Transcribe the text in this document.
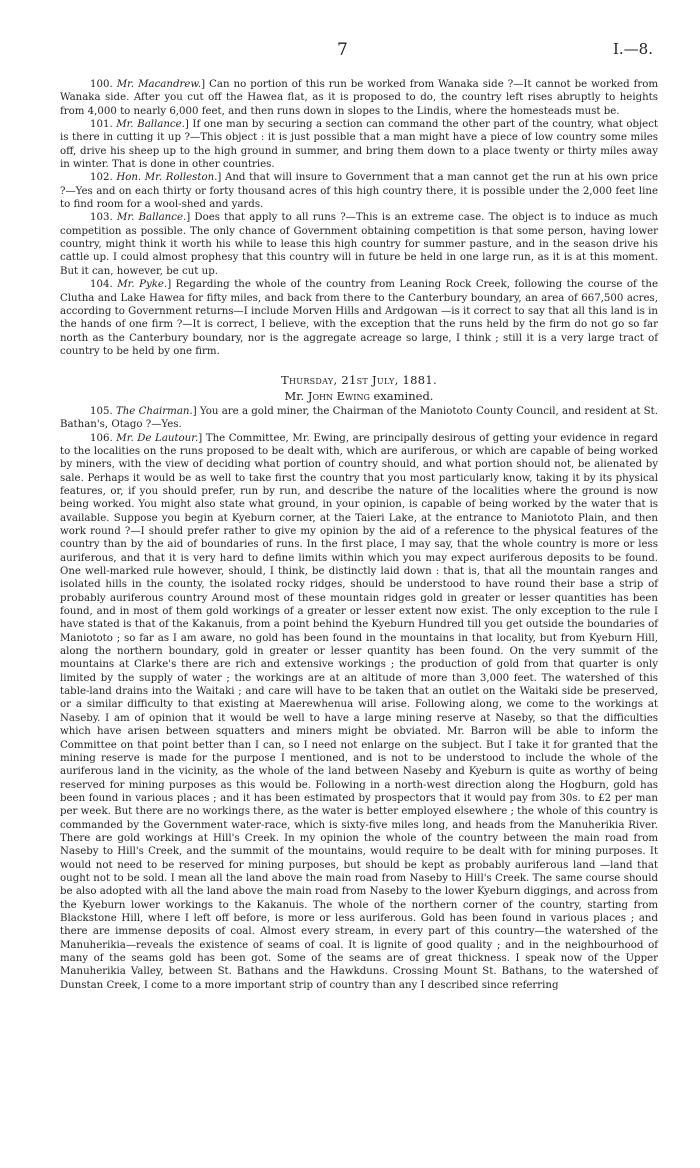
7	I.—8.

100. Mr. Macandrew.] Can no portion of this run be worked from Wanaka side ?—It cannot be worked from Wanaka side. After you cut off the Hawea flat, as it is proposed to do, the country left rises abruptly to heights from 4,000 to nearly 6,000 feet, and then runs down in slopes to the Lindis, where the homesteads must be.

101. Mr. Ballance.] If one man by securing a section can command the other part of the country, what object is there in cutting it up ?—This object : it is just possible that a man might have a piece of low country some miles off, drive his sheep up to the high ground in summer, and bring them down to a place twenty or thirty miles away in winter. That is done in other countries.

102. Hon. Mr. Rolleston.] And that will insure to Government that a man cannot get the run at his own price ?—Yes and on each thirty or forty thousand acres of this high country there, it is possible under the 2,000 feet line to find room for a wool-shed and yards.

103. Mr. Ballance.] Does that apply to all runs ?—This is an extreme case. The object is to induce as much competition as possible. The only chance of Government obtaining competition is that some person, having lower country, might think it worth his while to lease this high country for summer pasture, and in the season drive his cattle up. I could almost prophesy that this country will in future be held in one large run, as it is at this moment. But it can, however, be cut up.

104. Mr. Pyke.] Regarding the whole of the country from Leaning Rock Creek, following the course of the Clutha and Lake Hawea for fifty miles, and back from there to the Canterbury boundary, an area of 667,500 acres, according to Government returns—I include Morven Hills and Ardgowan —is it correct to say that all this land is in the hands of one firm ?—It is correct, I believe, with the exception that the runs held by the firm do not go so far north as the Canterbury boundary, nor is the aggregate acreage so large, I think ; still it is a very large tract of country to be held by one firm.

Thursday, 21st July, 1881.
Mr. John Ewing examined.

105. The Chairman.] You are a gold miner, the Chairman of the Maniototo County Council, and resident at St. Bathan's, Otago ?—Yes.

106. Mr. De Lautour.] The Committee, Mr. Ewing, are principally desirous of getting your evidence in regard to the localities on the runs proposed to be dealt with, which are auriferous, or which are capable of being worked by miners, with the view of deciding what portion of country should, and what portion should not, be alienated by sale. Perhaps it would be as well to take first the country that you most particularly know, taking it by its physical features, or, if you should prefer, run by run, and describe the nature of the localities where the ground is now being worked. You might also state what ground, in your opinion, is capable of being worked by the water that is available. Suppose you begin at Kyeburn corner, at the Taieri Lake, at the entrance to Maniototo Plain, and then work round ?—I should prefer rather to give my opinion by the aid of a reference to the physical features of the country than by the aid of boundaries of runs. In the first place, I may say, that the whole country is more or less auriferous, and that it is very hard to define limits within which you may expect auriferous deposits to be found. One well-marked rule however, should, I think, be distinctly laid down : that is, that all the mountain ranges and isolated hills in the county, the isolated rocky ridges, should be understood to have round their base a strip of probably auriferous country Around most of these mountain ridges gold in greater or lesser quantities has been found, and in most of them gold workings of a greater or lesser extent now exist. The only exception to the rule I have stated is that of the Kakanuis, from a point behind the Kyeburn Hundred till you get outside the boundaries of Maniototo ; so far as I am aware, no gold has been found in the mountains in that locality, but from Kyeburn Hill, along the northern boundary, gold in greater or lesser quantity has been found. On the very summit of the mountains at Clarke's there are rich and extensive workings ; the production of gold from that quarter is only limited by the supply of water ; the workings are at an altitude of more than 3,000 feet. The watershed of this table-land drains into the Waitaki ; and care will have to be taken that an outlet on the Waitaki side be preserved, or a similar difficulty to that existing at Maerewhenua will arise. Following along, we come to the workings at Naseby. I am of opinion that it would be well to have a large mining reserve at Naseby, so that the difficulties which have arisen between squatters and miners might be obviated. Mr. Barron will be able to inform the Committee on that point better than I can, so I need not enlarge on the subject. But I take it for granted that the mining reserve is made for the purpose I mentioned, and is not to be understood to include the whole of the auriferous land in the vicinity, as the whole of the land between Naseby and Kyeburn is quite as worthy of being reserved for mining purposes as this would be. Following in a north-west direction along the Hogburn, gold has been found in various places ; and it has been estimated by prospectors that it would pay from 30s. to £2 per man per week. But there are no workings there, as the water is better employed elsewhere ; the whole of this country is commanded by the Government water-race, which is sixty-five miles long, and heads from the Manuherikia River. There are gold workings at Hill's Creek. In my opinion the whole of the country between the main road from Naseby to Hill's Creek, and the summit of the mountains, would require to be dealt with for mining purposes. It would not need to be reserved for mining purposes, but should be kept as probably auriferous land —land that ought not to be sold. I mean all the land above the main road from Naseby to Hill's Creek. The same course should be also adopted with all the land above the main road from Naseby to the lower Kyeburn diggings, and across from the Kyeburn lower workings to the Kakanuis. The whole of the northern corner of the country, starting from Blackstone Hill, where I left off before, is more or less auriferous. Gold has been found in various places ; and there are immense deposits of coal. Almost every stream, in every part of this country—the watershed of the Manuherikia—reveals the existence of seams of coal. It is lignite of good quality ; and in the neighbourhood of many of the seams gold has been got. Some of the seams are of great thickness. I speak now of the Upper Manuherikia Valley, between St. Bathans and the Hawkduns. Crossing Mount St. Bathans, to the watershed of Dunstan Creek, I come to a more important strip of country than any I described since referring
